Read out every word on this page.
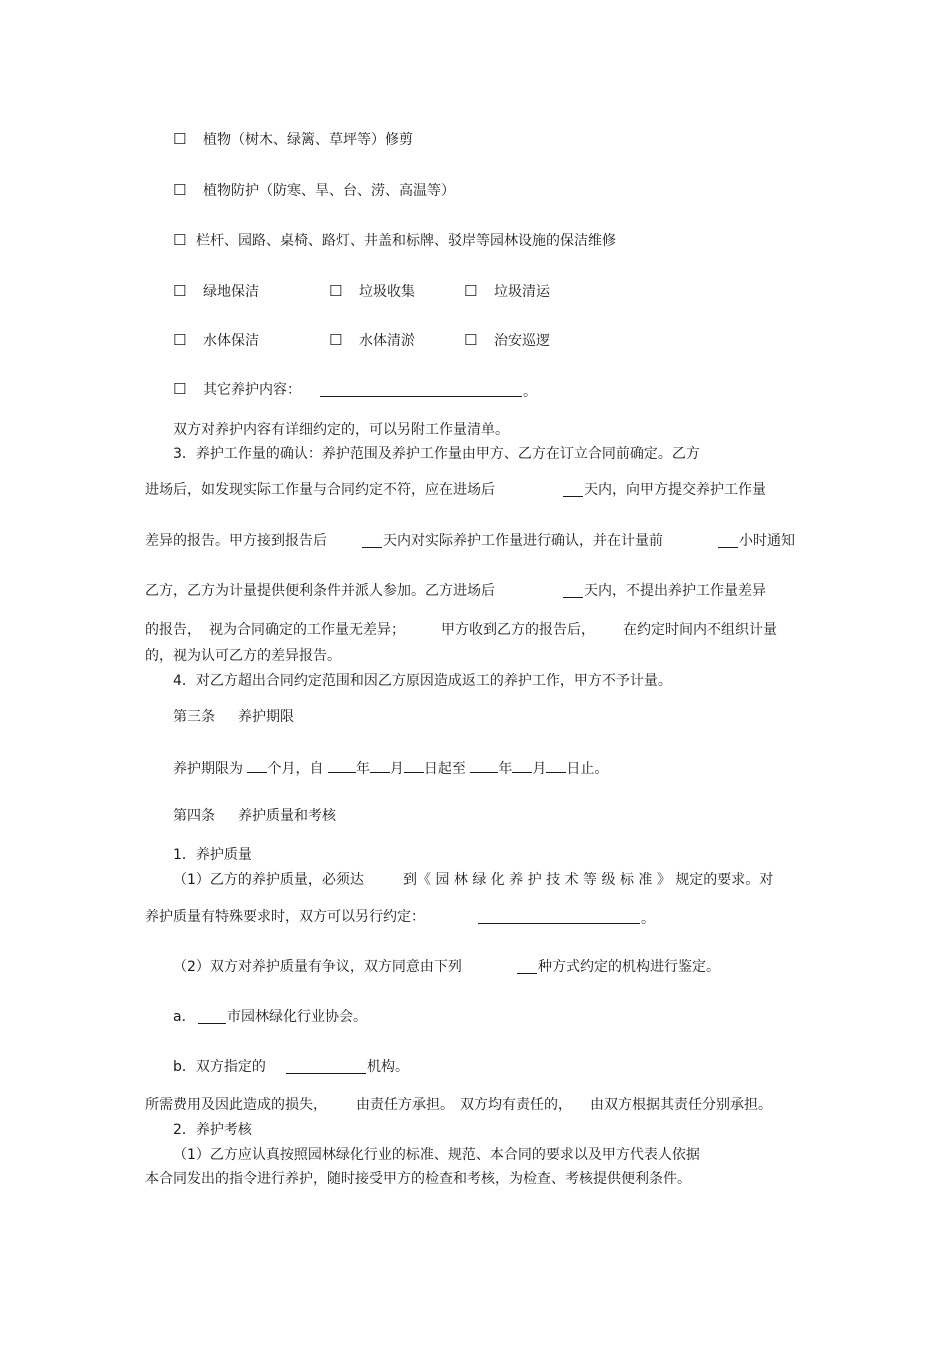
☐ 植物（树木、绿篱、草坪等）修剪
☐ 植物防护（防寒、旱、台、涝、高温等）
☐ 栏杆、园路、桌椅、路灯、井盖和标牌、驳岸等园林设施的保洁维修
☐ 绿地保洁	☐ 垃圾收集	☐ 垃圾清运
☐ 水体保洁	☐ 水体清淤	☐ 治安巡逻
☐ 其它养护内容：	。
双方对养护内容有详细约定的，可以另附工作量清单。
3．养护工作量的确认：养护范围及养护工作量由甲方、乙方在订立合同前确定。乙方
进场后，如发现实际工作量与合同约定不符，应在进场后	天内，向甲方提交养护工作量
差异的报告。甲方接到报告后	天内对实际养护工作量进行确认，并在计量前	小时通知
乙方，乙方为计量提供便利条件并派人参加。乙方进场后	天内，不提出养护工作量差异
的报告， 视为合同确定的工作量无差异；	甲方收到乙方的报告后， 在约定时间内不组织计量
的，视为认可乙方的差异报告。
4．对乙方超出合同约定范围和因乙方原因造成返工的养护工作，甲方不予计量。
第三条 养护期限
养护期限为 个月，自 年 月 日起至 年 月 日止。
第四条 养护质量和考核
1．养护质量
（1）乙方的养护质量，必须达	到《 园 林 绿 化 养 护 技 术 等 级 标 准 》 规定的要求。对
养护质量有特殊要求时，双方可以另行约定：	。
（2）双方对养护质量有争议，双方同意由下列	种方式约定的机构进行鉴定。
a． 市园林绿化行业协会。
b．双方指定的	机构。
所需费用及因此造成的损失， 由责任方承担。 双方均有责任的， 由双方根据其责任分别承担。
2．养护考核
（1）乙方应认真按照园林绿化行业的标准、规范、本合同的要求以及甲方代表人依据
本合同发出的指令进行养护，随时接受甲方的检查和考核，为检查、考核提供便利条件。
